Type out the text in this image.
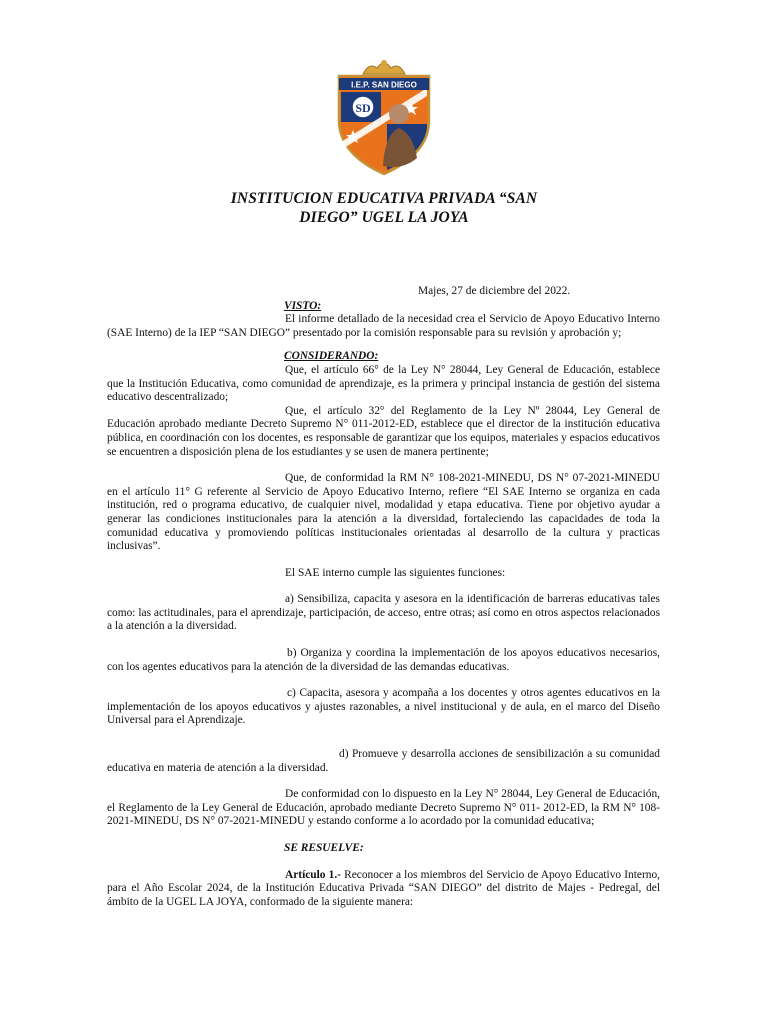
SD
I.E.P. SAN DIEGO
INSTITUCION EDUCATIVA PRIVADA “SAN
DIEGO” UGEL LA JOYA

Majes, 27 de diciembre del 2022.

VISTO:

El informe detallado de la necesidad crea el Servicio de Apoyo Educativo Interno (SAE Interno) de la IEP “SAN DIEGO” presentado por la comisión responsable para su revisión y aprobación y;

CONSIDERANDO:

Que, el artículo 66° de la Ley N° 28044, Ley General de Educación, establece que la Institución Educativa, como comunidad de aprendizaje, es la primera y principal instancia de gestión del sistema educativo descentralizado;

Que, el artículo 32° del Reglamento de la Ley Nº 28044, Ley General de Educación aprobado mediante Decreto Supremo N° 011-2012-ED, establece que el director de la institución educativa pública, en coordinación con los docentes, es responsable de garantizar que los equipos, materiales y espacios educativos se encuentren a disposición plena de los estudiantes y se usen de manera pertinente;

Que, de conformidad la RM N° 108-2021-MINEDU, DS N° 07-2021-MINEDU en el artículo 11° G referente al Servicio de Apoyo Educativo Interno, refiere “El SAE Interno se organiza en cada institución, red o programa educativo, de cualquier nivel, modalidad y etapa educativa. Tiene por objetivo ayudar a generar las condiciones institucionales para la atención a la diversidad, fortaleciendo las capacidades de toda la comunidad educativa y promoviendo políticas institucionales orientadas al desarrollo de la cultura y practicas inclusivas”.

El SAE interno cumple las siguientes funciones:

a) Sensibiliza, capacita y asesora en la identificación de barreras educativas tales como: las actitudinales, para el aprendizaje, participación, de acceso, entre otras; así como en otros aspectos relacionados a la atención a la diversidad.

b) Organiza y coordina la implementación de los apoyos educativos necesarios, con los agentes educativos para la atención de la diversidad de las demandas educativas.

c) Capacita, asesora y acompaña a los docentes y otros agentes educativos en la implementación de los apoyos educativos y ajustes razonables, a nivel institucional y de aula, en el marco del Diseño Universal para el Aprendizaje.

d) Promueve y desarrolla acciones de sensibilización a su comunidad educativa en materia de atención a la diversidad.

De conformidad con lo dispuesto en la Ley N° 28044, Ley General de Educación, el Reglamento de la Ley General de Educación, aprobado mediante Decreto Supremo N° 011- 2012-ED, la RM N° 108-2021-MINEDU, DS N° 07-2021-MINEDU y estando conforme a lo acordado por la comunidad educativa;

SE RESUELVE:

Artículo 1.- Reconocer a los miembros del Servicio de Apoyo Educativo Interno, para el Año Escolar 2024, de la Institución Educativa Privada “SAN DIEGO” del distrito de Majes - Pedregal, del ámbito de la UGEL LA JOYA, conformado de la siguiente manera:
